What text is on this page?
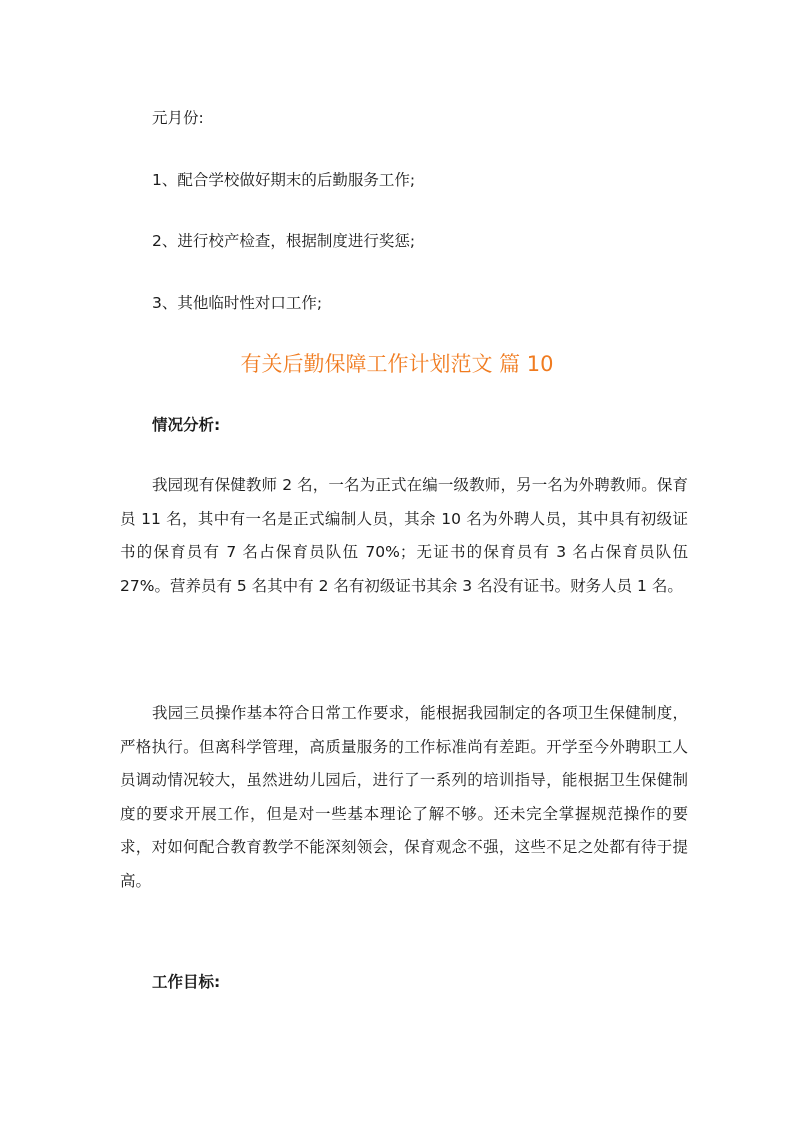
元月份:
1、配合学校做好期末的后勤服务工作;
2、进行校产检查，根据制度进行奖惩;
3、其他临时性对口工作;
有关后勤保障工作计划范文 篇 10
情况分析:
我园现有保健教师 2 名，一名为正式在编一级教师，另一名为外聘教师。保育员 11 名，其中有一名是正式编制人员，其余 10 名为外聘人员，其中具有初级证书的保育员有 7 名占保育员队伍 70%；无证书的保育员有 3 名占保育员队伍 27%。营养员有 5 名其中有 2 名有初级证书其余 3 名没有证书。财务人员 1 名。
我园三员操作基本符合日常工作要求，能根据我园制定的各项卫生保健制度，严格执行。但离科学管理，高质量服务的工作标准尚有差距。开学至今外聘职工人员调动情况较大，虽然进幼儿园后，进行了一系列的培训指导，能根据卫生保健制度的要求开展工作，但是对一些基本理论了解不够。还未完全掌握规范操作的要求，对如何配合教育教学不能深刻领会，保育观念不强，这些不足之处都有待于提高。
工作目标:
